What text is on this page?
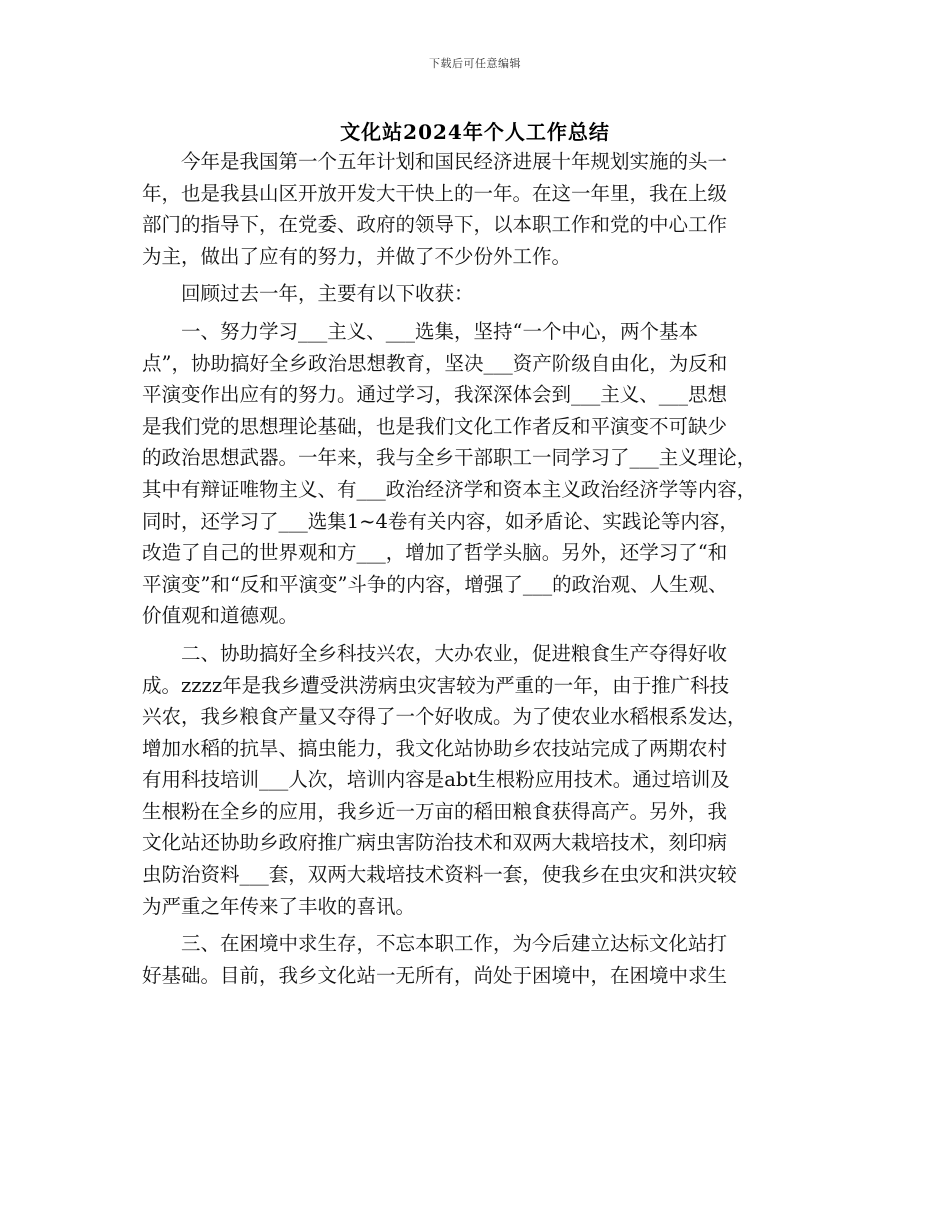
下载后可任意编辑
文化站2024年个人工作总结

今年是我国第一个五年计划和国民经济进展十年规划实施的头一
年，也是我县山区开放开发大干快上的一年。在这一年里，我在上级
部门的指导下，在党委、政府的领导下，以本职工作和党的中心工作
为主，做出了应有的努力，并做了不少份外工作。

回顾过去一年，主要有以下收获：

一、努力学习___主义、___选集，坚持“一个中心，两个基本
点”，协助搞好全乡政治思想教育，坚决___资产阶级自由化，为反和
平演变作出应有的努力。通过学习，我深深体会到___主义、___思想
是我们党的思想理论基础，也是我们文化工作者反和平演变不可缺少
的政治思想武器。一年来，我与全乡干部职工一同学习了___主义理论，
其中有辩证唯物主义、有___政治经济学和资本主义政治经济学等内容，
同时，还学习了___选集1~4卷有关内容，如矛盾论、实践论等内容，
改造了自己的世界观和方___，增加了哲学头脑。另外，还学习了“和
平演变”和“反和平演变”斗争的内容，增强了___的政治观、人生观、
价值观和道德观。

二、协助搞好全乡科技兴农，大办农业，促进粮食生产夺得好收
成。zzzz年是我乡遭受洪涝病虫灾害较为严重的一年，由于推广科技
兴农，我乡粮食产量又夺得了一个好收成。为了使农业水稻根系发达，
增加水稻的抗旱、搞虫能力，我文化站协助乡农技站完成了两期农村
有用科技培训___人次，培训内容是abt生根粉应用技术。通过培训及
生根粉在全乡的应用，我乡近一万亩的稻田粮食获得高产。另外，我
文化站还协助乡政府推广病虫害防治技术和双两大栽培技术，刻印病
虫防治资料___套，双两大栽培技术资料一套，使我乡在虫灾和洪灾较
为严重之年传来了丰收的喜讯。

三、在困境中求生存，不忘本职工作，为今后建立达标文化站打
好基础。目前，我乡文化站一无所有，尚处于困境中，在困境中求生
